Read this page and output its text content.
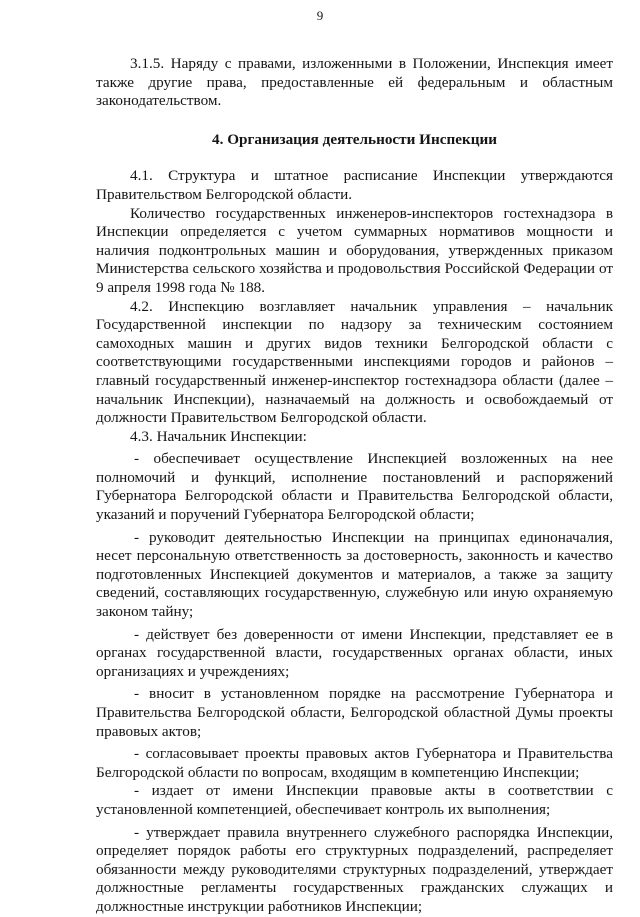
9

3.1.5. Наряду с правами, изложенными в Положении, Инспекция имеет также другие права, предоставленные ей федеральным и областным законодательством.

4. Организация деятельности Инспекции

4.1. Структура и штатное расписание Инспекции утверждаются Правительством Белгородской области.

Количество государственных инженеров-инспекторов гостехнадзора в Инспекции определяется с учетом суммарных нормативов мощности и наличия подконтрольных машин и оборудования, утвержденных приказом Министерства сельского хозяйства и продовольствия Российской Федерации от 9 апреля 1998 года № 188.

4.2. Инспекцию возглавляет начальник управления – начальник Государственной инспекции по надзору за техническим состоянием самоходных машин и других видов техники Белгородской области с соответствующими государственными инспекциями городов и районов – главный государственный инженер-инспектор гостехнадзора области (далее – начальник Инспекции), назначаемый на должность и освобождаемый от должности Правительством Белгородской области.

4.3. Начальник Инспекции:

- обеспечивает осуществление Инспекцией возложенных на нее полномочий и функций, исполнение постановлений и распоряжений Губернатора Белгородской области и Правительства Белгородской области, указаний и поручений Губернатора Белгородской области;

- руководит деятельностью Инспекции на принципах единоначалия, несет персональную ответственность за достоверность, законность и качество подготовленных Инспекцией документов и материалов, а также за защиту сведений, составляющих государственную, служебную или иную охраняемую законом тайну;

- действует без доверенности от имени Инспекции, представляет ее в органах государственной власти, государственных органах области, иных организациях и учреждениях;

- вносит в установленном порядке на рассмотрение Губернатора и Правительства Белгородской области, Белгородской областной Думы проекты правовых актов;

- согласовывает проекты правовых актов Губернатора и Правительства Белгородской области по вопросам, входящим в компетенцию Инспекции;

- издает от имени Инспекции правовые акты в соответствии с установленной компетенцией, обеспечивает контроль их выполнения;

- утверждает правила внутреннего служебного распорядка Инспекции, определяет порядок работы его структурных подразделений, распределяет обязанности между руководителями структурных подразделений, утверждает должностные регламенты государственных гражданских служащих и должностные инструкции работников Инспекции;
